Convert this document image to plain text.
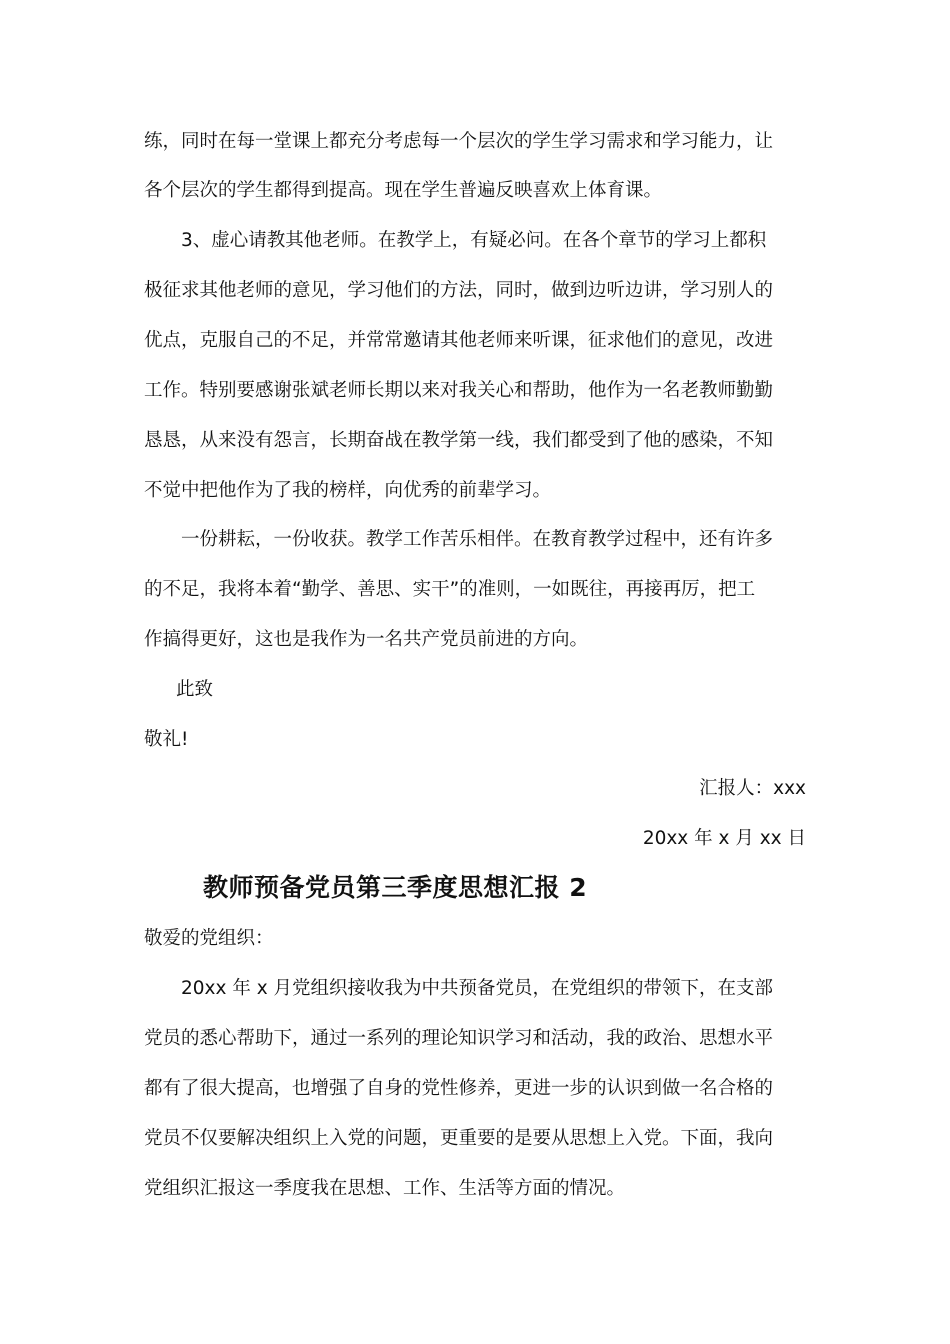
练，同时在每一堂课上都充分考虑每一个层次的学生学习需求和学习能力，让

各个层次的学生都得到提高。现在学生普遍反映喜欢上体育课。

3、虚心请教其他老师。在教学上，有疑必问。在各个章节的学习上都积

极征求其他老师的意见，学习他们的方法，同时，做到边听边讲，学习别人的

优点，克服自己的不足，并常常邀请其他老师来听课，征求他们的意见，改进

工作。特别要感谢张斌老师长期以来对我关心和帮助，他作为一名老教师勤勤

恳恳，从来没有怨言，长期奋战在教学第一线，我们都受到了他的感染，不知

不觉中把他作为了我的榜样，向优秀的前辈学习。

一份耕耘，一份收获。教学工作苦乐相伴。在教育教学过程中，还有许多

的不足，我将本着“勤学、善思、实干”的准则，一如既往，再接再厉，把工

作搞得更好，这也是我作为一名共产党员前进的方向。

此致

敬礼!

汇报人：xxx

20xx 年 x 月 xx 日

教师预备党员第三季度思想汇报 2

敬爱的党组织：

20xx 年 x 月党组织接收我为中共预备党员，在党组织的带领下，在支部

党员的悉心帮助下，通过一系列的理论知识学习和活动，我的政治、思想水平

都有了很大提高，也增强了自身的党性修养，更进一步的认识到做一名合格的

党员不仅要解决组织上入党的问题，更重要的是要从思想上入党。下面，我向

党组织汇报这一季度我在思想、工作、生活等方面的情况。
